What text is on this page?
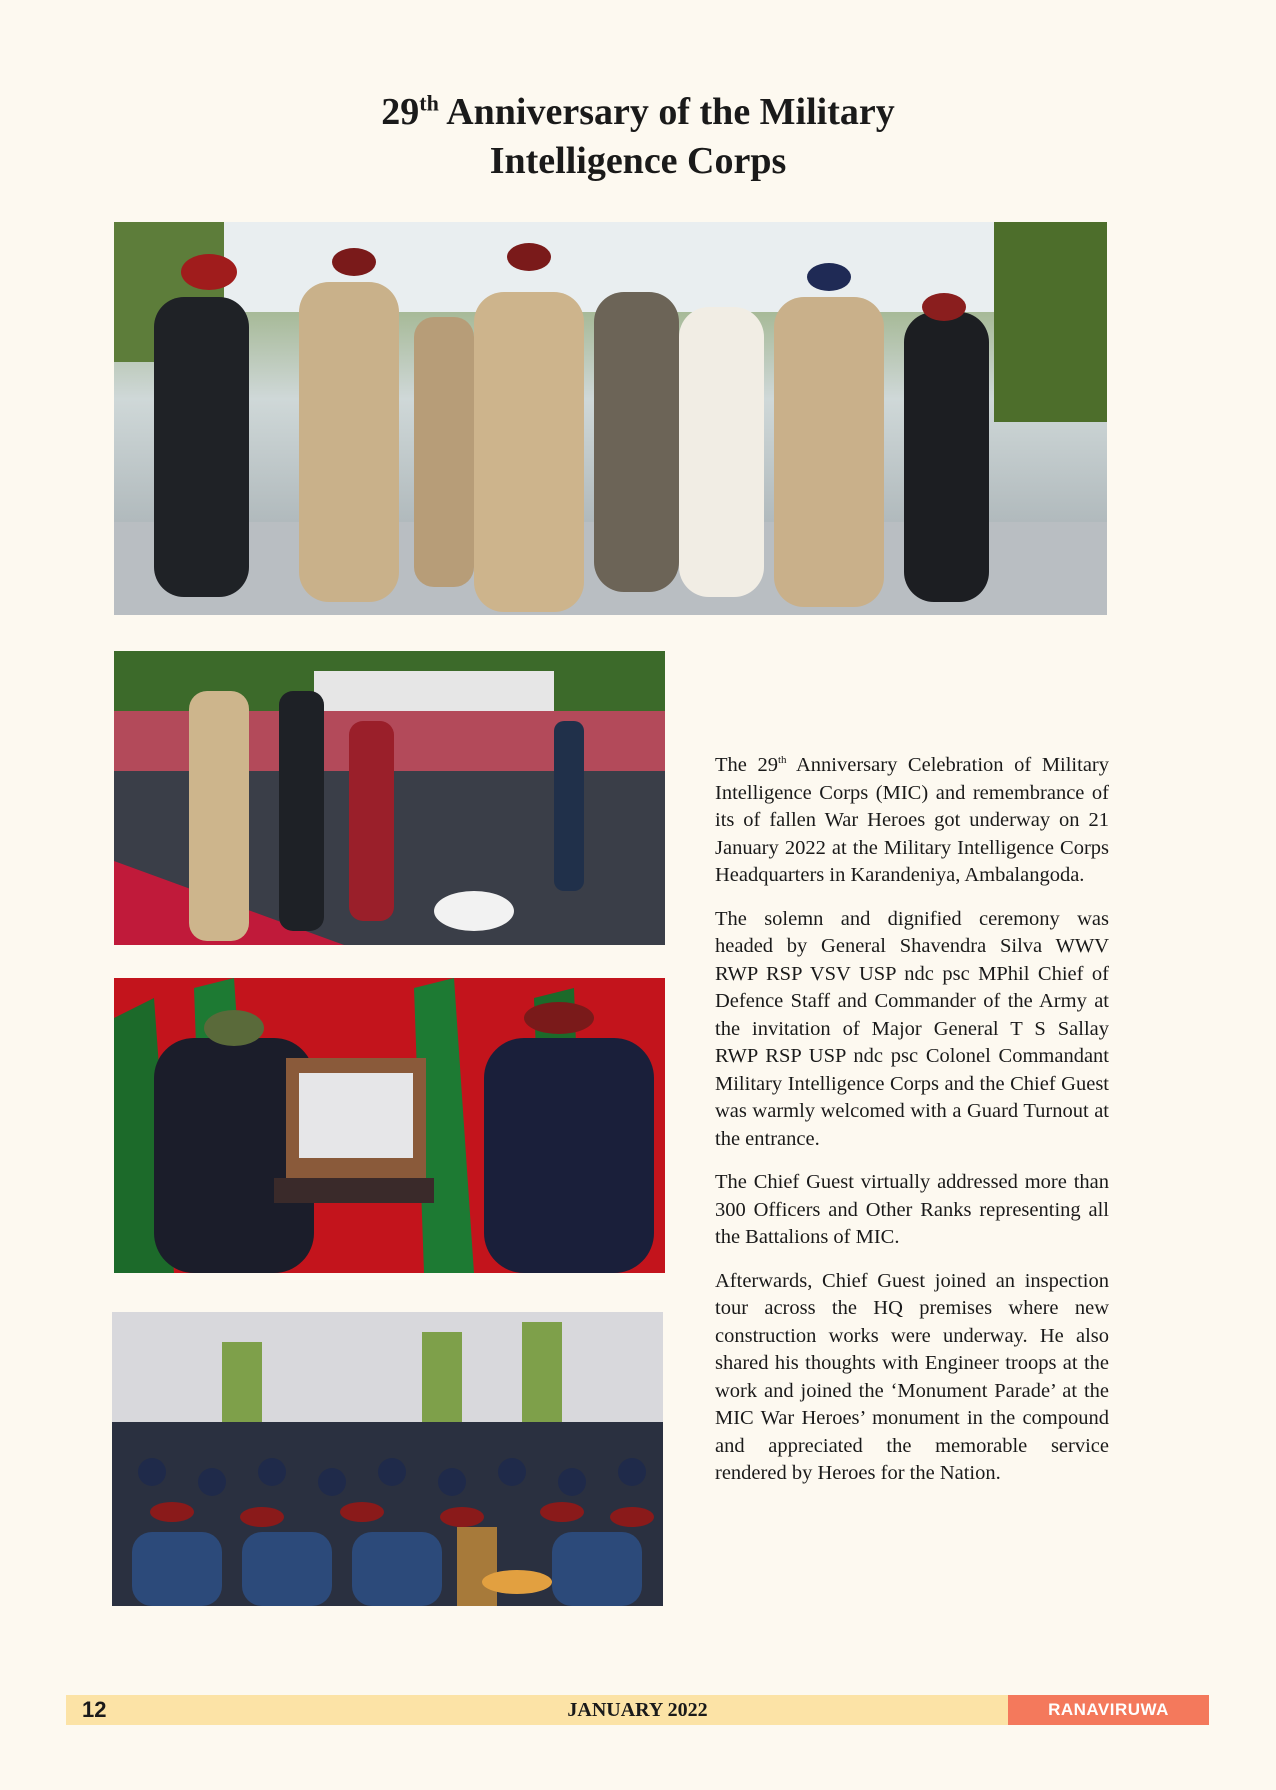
29th Anniversary of the Military
Intelligence Corps

The 29th Anniversary Celebration of Military Intelligence Corps (MIC) and remembrance of its of fallen War Heroes got underway on 21 January 2022 at the Military Intelligence Corps Headquarters in Karandeniya, Ambalangoda.

The solemn and dignified ceremony was headed by General Shavendra Silva WWV RWP RSP VSV USP ndc psc MPhil Chief of Defence Staff and Commander of the Army at the invitation of Major General T S Sallay RWP RSP USP ndc psc Colonel Commandant Military Intelligence Corps and the Chief Guest was warmly welcomed with a Guard Turnout at the entrance.

The Chief Guest virtually addressed more than 300 Officers and Other Ranks representing all the Battalions of MIC.

Afterwards, Chief Guest joined an inspection tour across the HQ premises where new construction works were underway. He also shared his thoughts with Engineer troops at the work and joined the ‘Monument Parade’ at the MIC War Heroes’ monument in the compound and appreciated the memorable service rendered by Heroes for the Nation.

12	JANUARY 2022	RANAVIRUWA
